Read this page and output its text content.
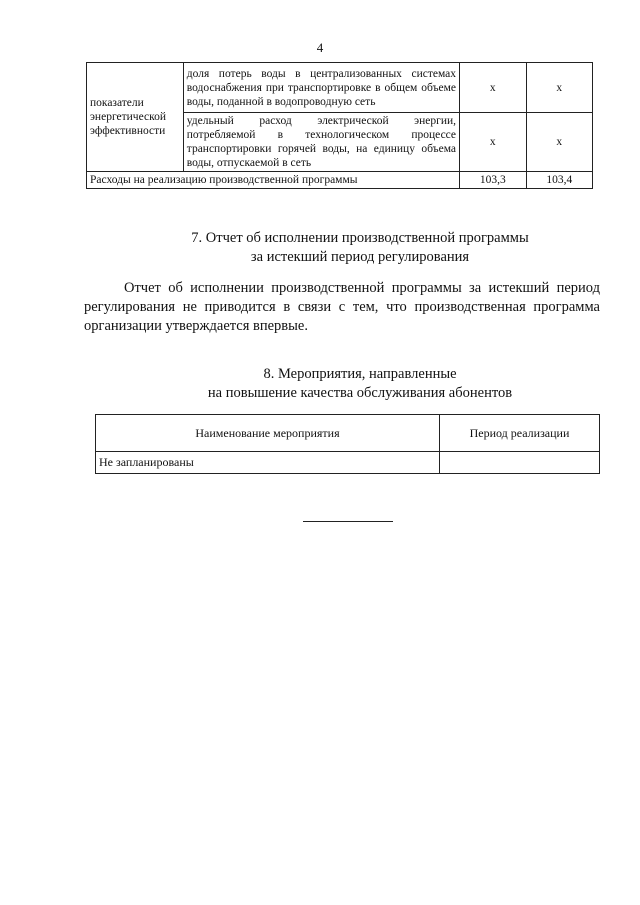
4
показатели энергетической эффективности	доля потерь воды в централизованных системах водоснабжения при транспортировке в общем объеме воды, поданной в водопроводную сеть	х	х
	удельный расход электрической энергии, потребляемой в технологическом процессе транспортировки горячей воды, на единицу объема воды, отпускаемой в сеть	х	х
Расходы на реализацию производственной программы		103,3	103,4
7. Отчет об исполнении производственной программы
за истекший период регулирования
Отчет об исполнении производственной программы за истекший период регулирования не приводится в связи с тем, что производственная программа организации утверждается впервые.
8. Мероприятия, направленные
на повышение качества обслуживания абонентов
Наименование мероприятия	Период реализации
Не запланированы	
